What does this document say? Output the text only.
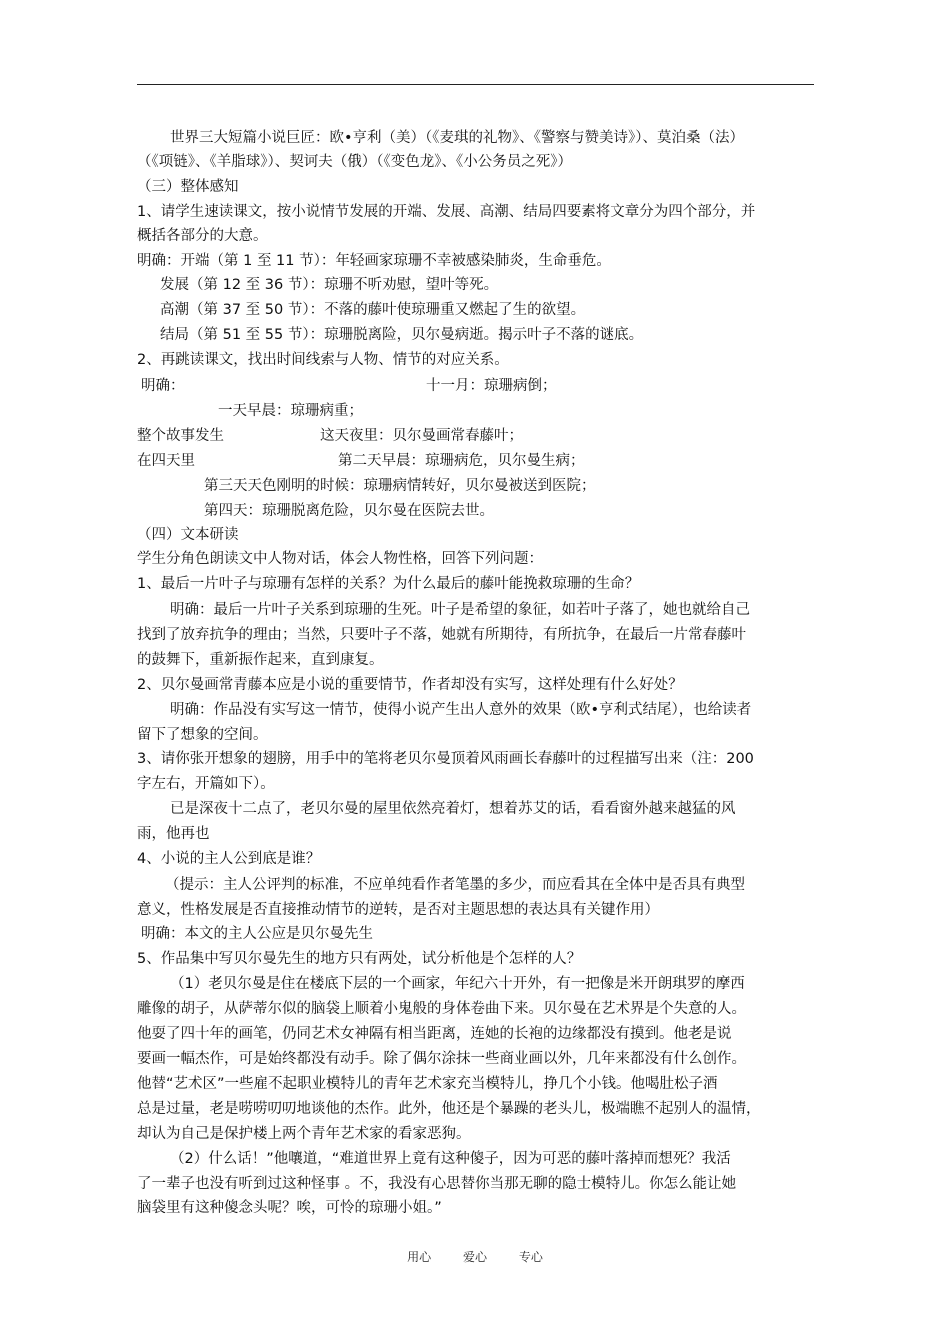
世界三大短篇小说巨匠：欧•亨利（美）（《麦琪的礼物》、《警察与赞美诗》）、莫泊桑（法）
（《项链》、《羊脂球》）、契诃夫（俄）（《变色龙》、《小公务员之死》）
（三）整体感知
1、请学生速读课文，按小说情节发展的开端、发展、高潮、结局四要素将文章分为四个部分，并
概括各部分的大意。
明确：开端（第 1 至 11 节）：年轻画家琼珊不幸被感染肺炎，生命垂危。
发展（第 12 至 36 节）：琼珊不听劝慰，望叶等死。
高潮（第 37 至 50 节）：不落的藤叶使琼珊重又燃起了生的欲望。
结局（第 51 至 55 节）：琼珊脱离险，贝尔曼病逝。揭示叶子不落的谜底。
2、再跳读课文，找出时间线索与人物、情节的对应关系。
明确：	十一月：琼珊病倒；
一天早晨：琼珊病重；
整个故事发生	这天夜里：贝尔曼画常春藤叶；
在四天里	第二天早晨：琼珊病危，贝尔曼生病；
第三天天色刚明的时候：琼珊病情转好，贝尔曼被送到医院；
第四天：琼珊脱离危险，贝尔曼在医院去世。
（四）文本研读
学生分角色朗读文中人物对话，体会人物性格，回答下列问题：
1、最后一片叶子与琼珊有怎样的关系？为什么最后的藤叶能挽救琼珊的生命？
明确：最后一片叶子关系到琼珊的生死。叶子是希望的象征，如若叶子落了，她也就给自己
找到了放弃抗争的理由；当然，只要叶子不落，她就有所期待，有所抗争，在最后一片常春藤叶
的鼓舞下，重新振作起来，直到康复。
2、贝尔曼画常青藤本应是小说的重要情节，作者却没有实写，这样处理有什么好处？
明确：作品没有实写这一情节，使得小说产生出人意外的效果（欧•亨利式结尾），也给读者
留下了想象的空间。
3、请你张开想象的翅膀，用手中的笔将老贝尔曼顶着风雨画长春藤叶的过程描写出来（注：200
字左右，开篇如下）。
已是深夜十二点了，老贝尔曼的屋里依然亮着灯，想着苏艾的话，看看窗外越来越猛的风
雨，他再也
4、小说的主人公到底是谁？
（提示：主人公评判的标准，不应单纯看作者笔墨的多少，而应看其在全体中是否具有典型
意义，性格发展是否直接推动情节的逆转，是否对主题思想的表达具有关键作用）
明确：本文的主人公应是贝尔曼先生
5、作品集中写贝尔曼先生的地方只有两处，试分析他是个怎样的人？
（1）老贝尔曼是住在楼底下层的一个画家，年纪六十开外，有一把像是米开朗琪罗的摩西
雕像的胡子，从萨蒂尔似的脑袋上顺着小鬼般的身体卷曲下来。贝尔曼在艺术界是个失意的人。
他耍了四十年的画笔，仍同艺术女神隔有相当距离，连她的长袍的边缘都没有摸到。他老是说
要画一幅杰作，可是始终都没有动手。除了偶尔涂抹一些商业画以外，几年来都没有什么创作。
他替“艺术区”一些雇不起职业模特儿的青年艺术家充当模特儿，挣几个小钱。他喝肚松子酒
总是过量，老是唠唠叨叨地谈他的杰作。此外，他还是个暴躁的老头儿，极端瞧不起别人的温情，
却认为自己是保护楼上两个青年艺术家的看家恶狗。
（2）什么话！”他嚷道，“难道世界上竟有这种傻子，因为可恶的藤叶落掉而想死？我活
了一辈子也没有听到过这种怪事 。不，我没有心思替你当那无聊的隐士模特儿。你怎么能让她
脑袋里有这种傻念头呢？唉，可怜的琼珊小姐。”
用心	爱心	专心
